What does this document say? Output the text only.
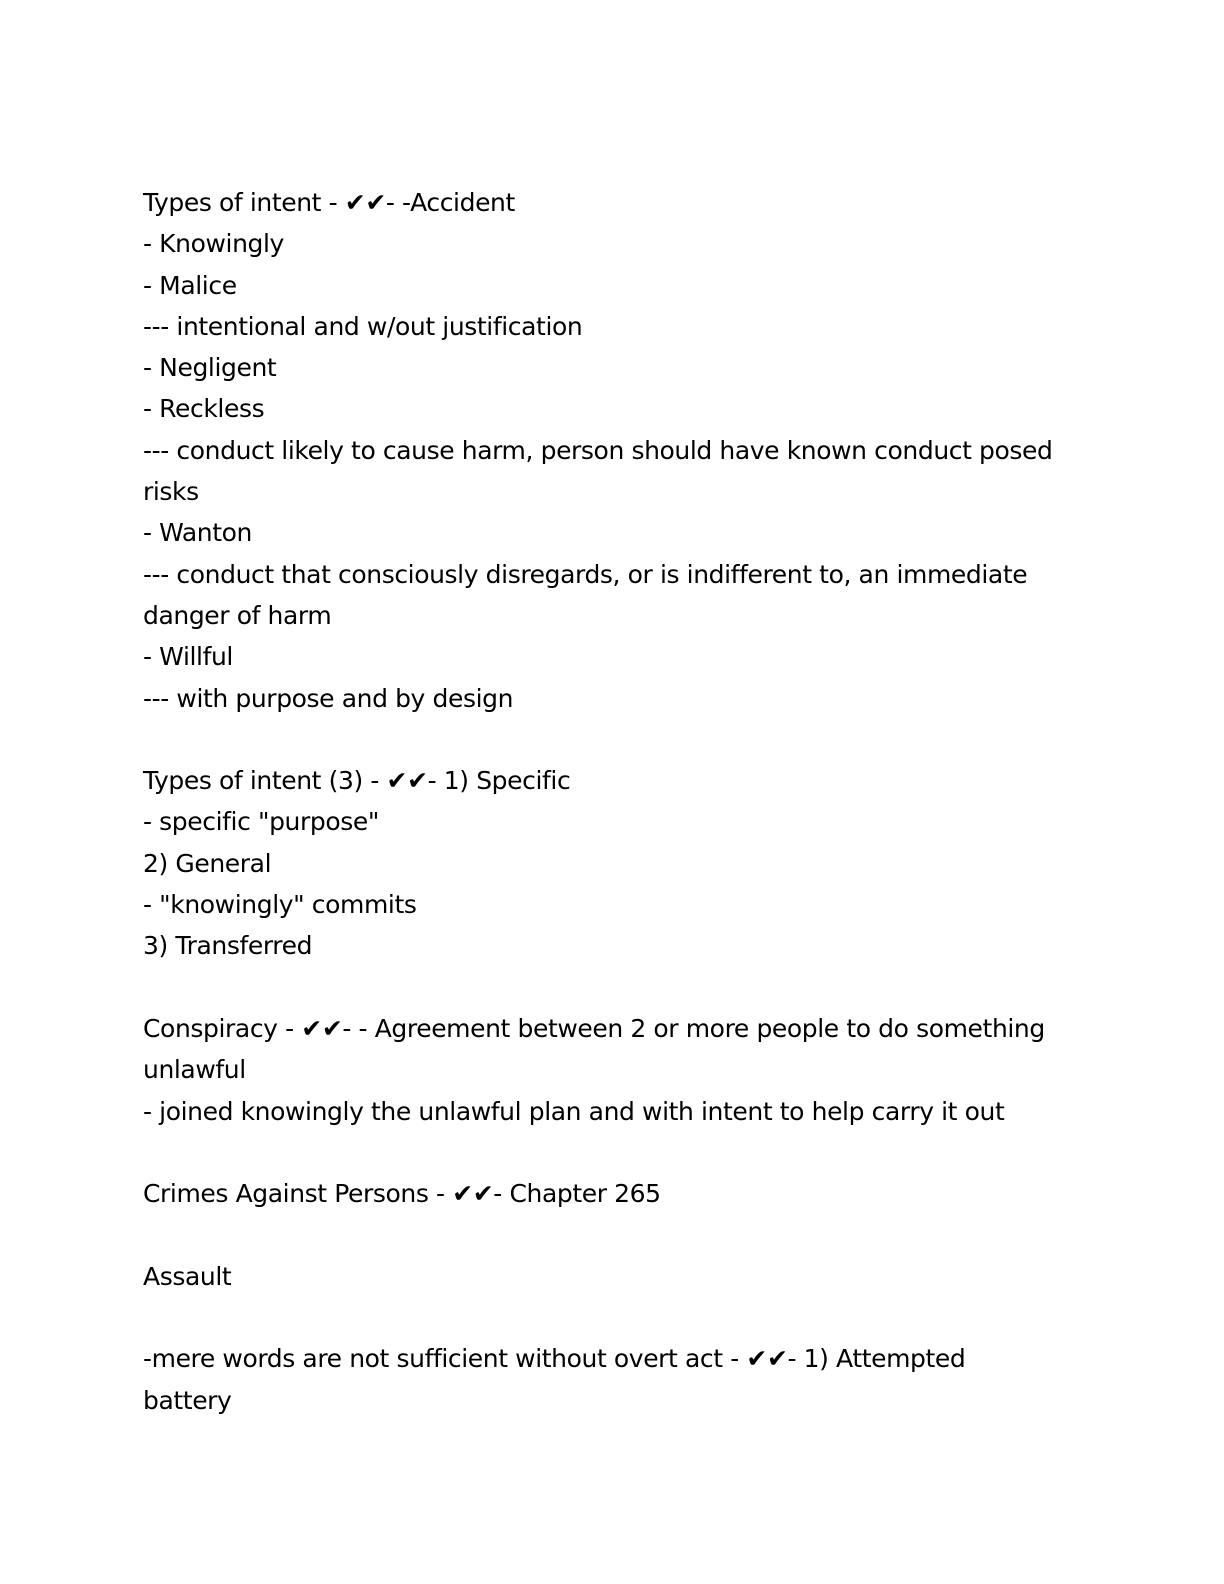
Types of intent - ✔✔- -Accident

- Knowingly

- Malice

--- intentional and w/out justification

- Negligent

- Reckless

--- conduct likely to cause harm, person should have known conduct posed

risks

- Wanton

--- conduct that consciously disregards, or is indifferent to, an immediate

danger of harm

- Willful

--- with purpose and by design

Types of intent (3) - ✔✔- 1) Specific

- specific "purpose"

2) General

- "knowingly" commits

3) Transferred

Conspiracy - ✔✔- - Agreement between 2 or more people to do something

unlawful

- joined knowingly the unlawful plan and with intent to help carry it out

Crimes Against Persons - ✔✔- Chapter 265

Assault

-mere words are not sufficient without overt act - ✔✔- 1) Attempted

battery
